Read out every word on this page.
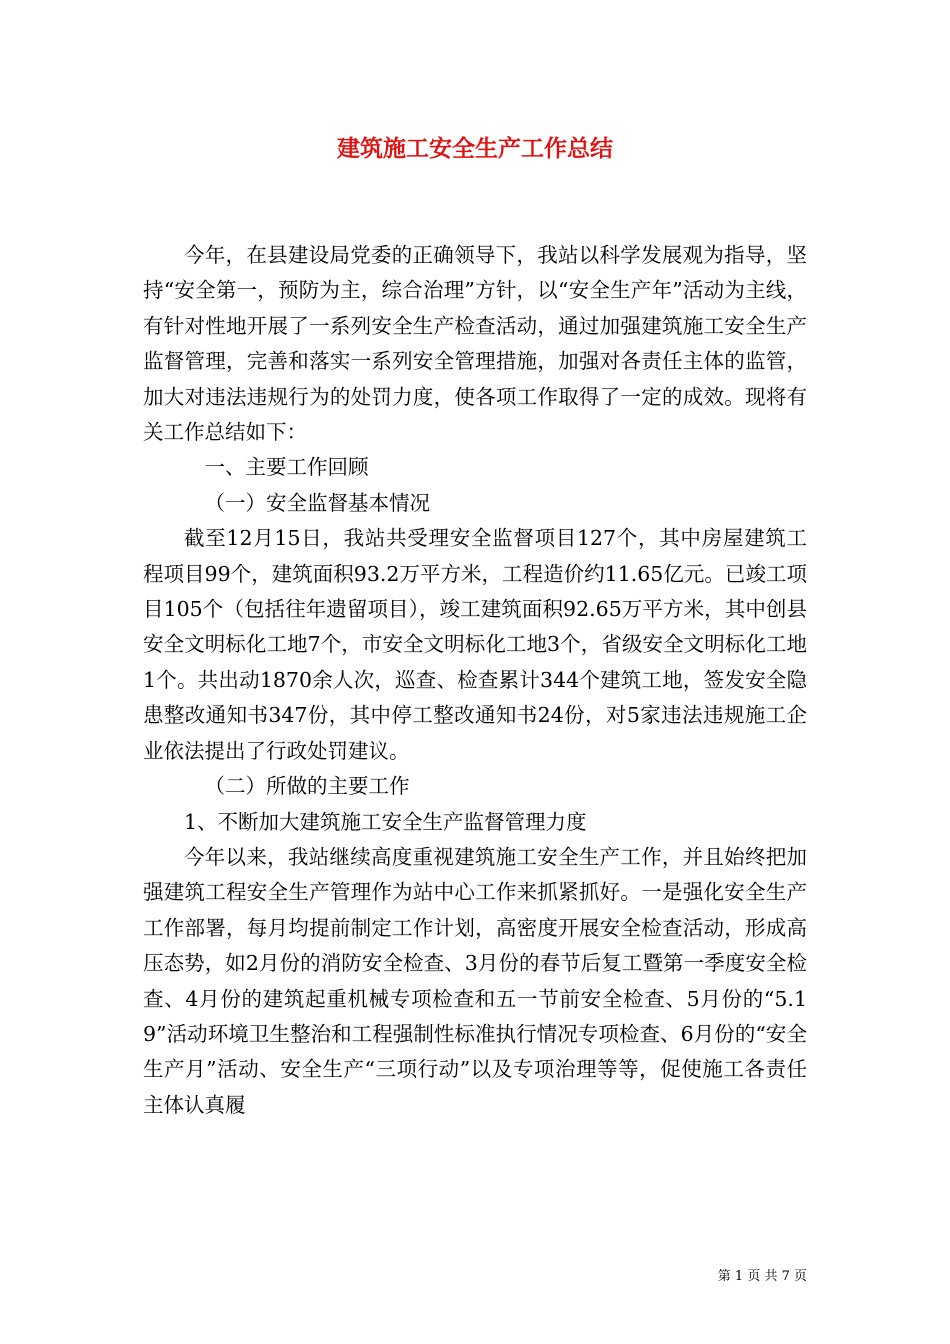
建筑施工安全生产工作总结

今年，在县建设局党委的正确领导下，我站以科学发展观为指导，坚持“安全第一，预防为主，综合治理”方针，以“安全生产年”活动为主线，有针对性地开展了一系列安全生产检查活动，通过加强建筑施工安全生产监督管理，完善和落实一系列安全管理措施，加强对各责任主体的监管，加大对违法违规行为的处罚力度，使各项工作取得了一定的成效。现将有关工作总结如下：

一、主要工作回顾

（一）安全监督基本情况

截至12月15日，我站共受理安全监督项目127个，其中房屋建筑工程项目99个，建筑面积93.2万平方米，工程造价约11.65亿元。已竣工项目105个（包括往年遗留项目），竣工建筑面积92.65万平方米，其中创县安全文明标化工地7个，市安全文明标化工地3个，省级安全文明标化工地1个。共出动1870余人次，巡查、检查累计344个建筑工地，签发安全隐患整改通知书347份，其中停工整改通知书24份，对5家违法违规施工企业依法提出了行政处罚建议。

（二）所做的主要工作

1、不断加大建筑施工安全生产监督管理力度

今年以来，我站继续高度重视建筑施工安全生产工作，并且始终把加强建筑工程安全生产管理作为站中心工作来抓紧抓好。一是强化安全生产工作部署，每月均提前制定工作计划，高密度开展安全检查活动，形成高压态势，如2月份的消防安全检查、3月份的春节后复工暨第一季度安全检查、4月份的建筑起重机械专项检查和五一节前安全检查、5月份的“5.19”活动环境卫生整治和工程强制性标准执行情况专项检查、6月份的“安全生产月”活动、安全生产“三项行动”以及专项治理等等，促使施工各责任主体认真履

第 1 页 共 7 页
